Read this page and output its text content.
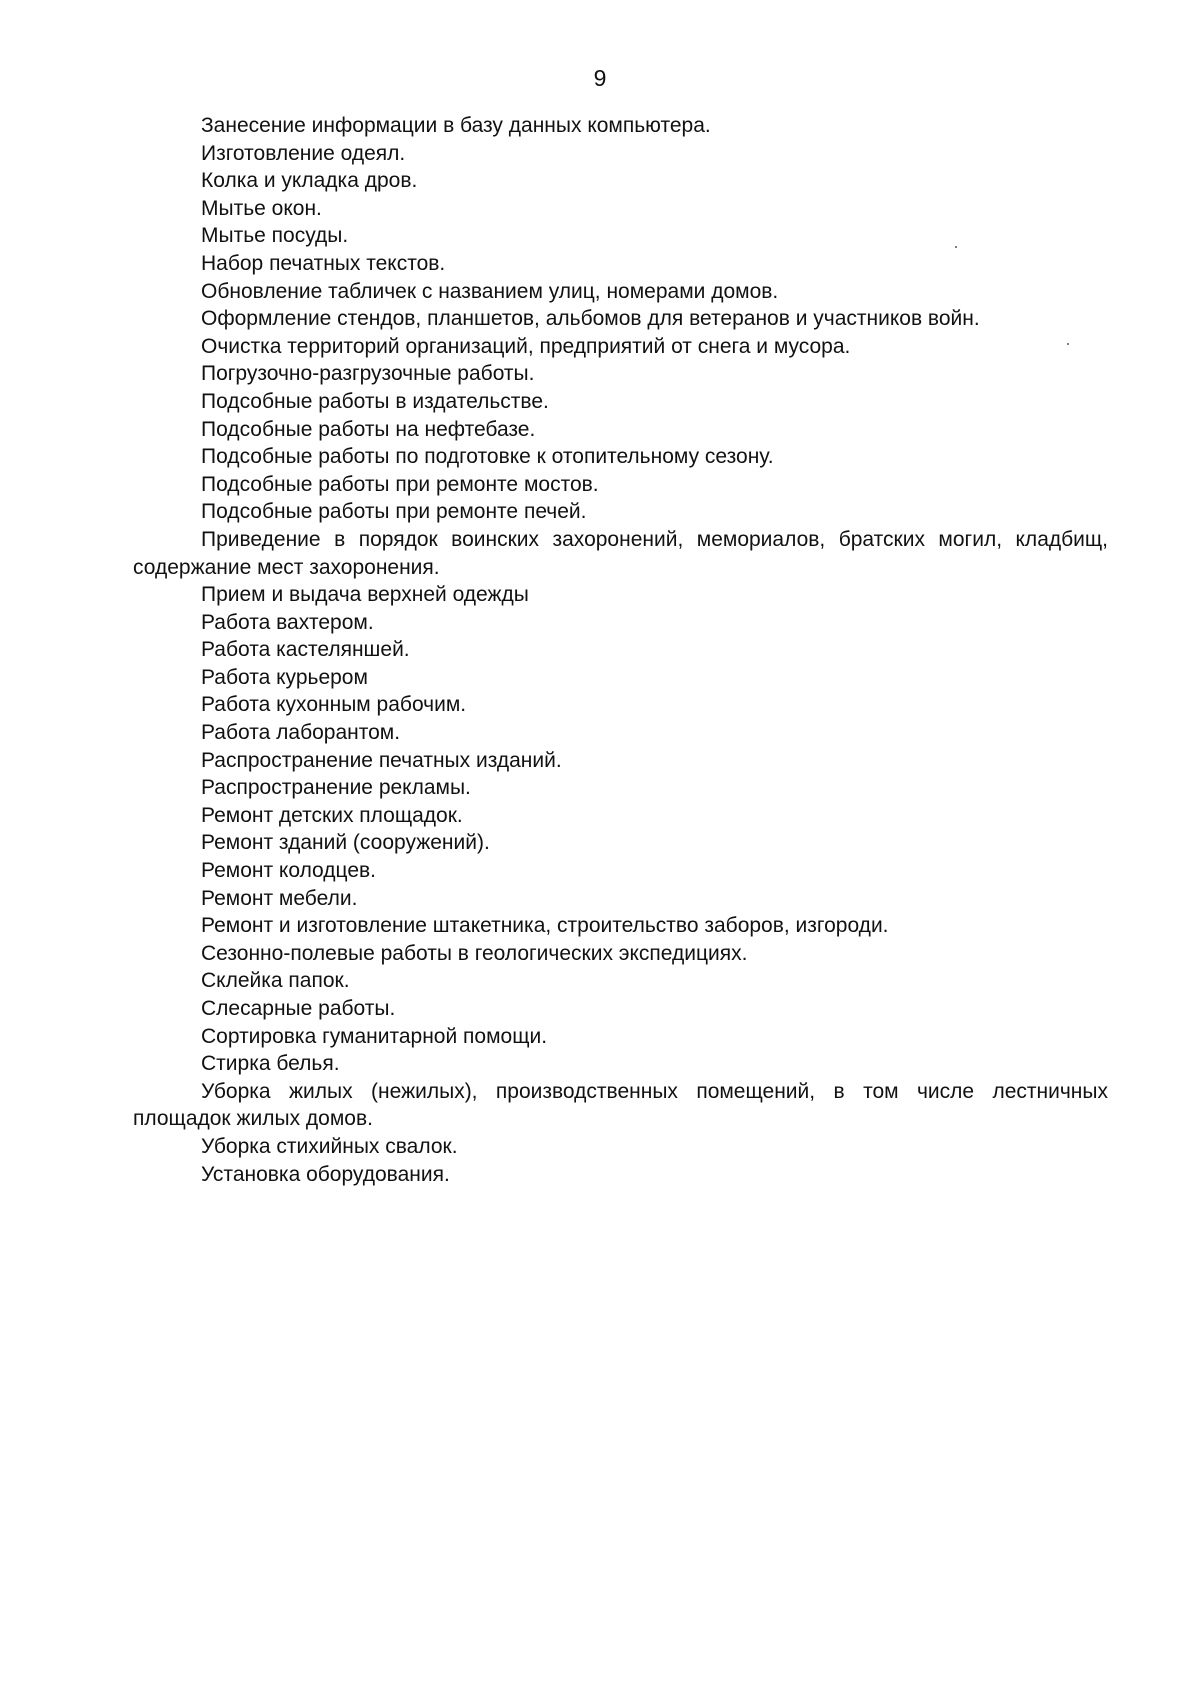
9
Занесение информации в базу данных компьютера.
Изготовление одеял.
Колка и укладка дров.
Мытье окон.
Мытье посуды.
Набор печатных текстов.
Обновление табличек с названием улиц, номерами домов.
Оформление стендов, планшетов, альбомов для ветеранов и участников войн.
Очистка территорий организаций, предприятий от снега и мусора.
Погрузочно-разгрузочные работы.
Подсобные работы в издательстве.
Подсобные работы на нефтебазе.
Подсобные работы по подготовке к отопительному сезону.
Подсобные работы при ремонте мостов.
Подсобные работы при ремонте печей.

Приведение в порядок воинских захоронений, мемориалов, братских могил, кладбищ, содержание мест захоронения.

Прием и выдача верхней одежды
Работа вахтером.
Работа кастеляншей.
Работа курьером
Работа кухонным рабочим.
Работа лаборантом.
Распространение печатных изданий.
Распространение рекламы.
Ремонт детских площадок.
Ремонт зданий (сооружений).
Ремонт колодцев.
Ремонт мебели.
Ремонт и изготовление штакетника, строительство заборов, изгороди.
Сезонно-полевые работы в геологических экспедициях.
Склейка папок.
Слесарные работы.
Сортировка гуманитарной помощи.
Стирка белья.

Уборка жилых (нежилых), производственных помещений, в том числе лестничных площадок жилых домов.

Уборка стихийных свалок.
Установка оборудования.
